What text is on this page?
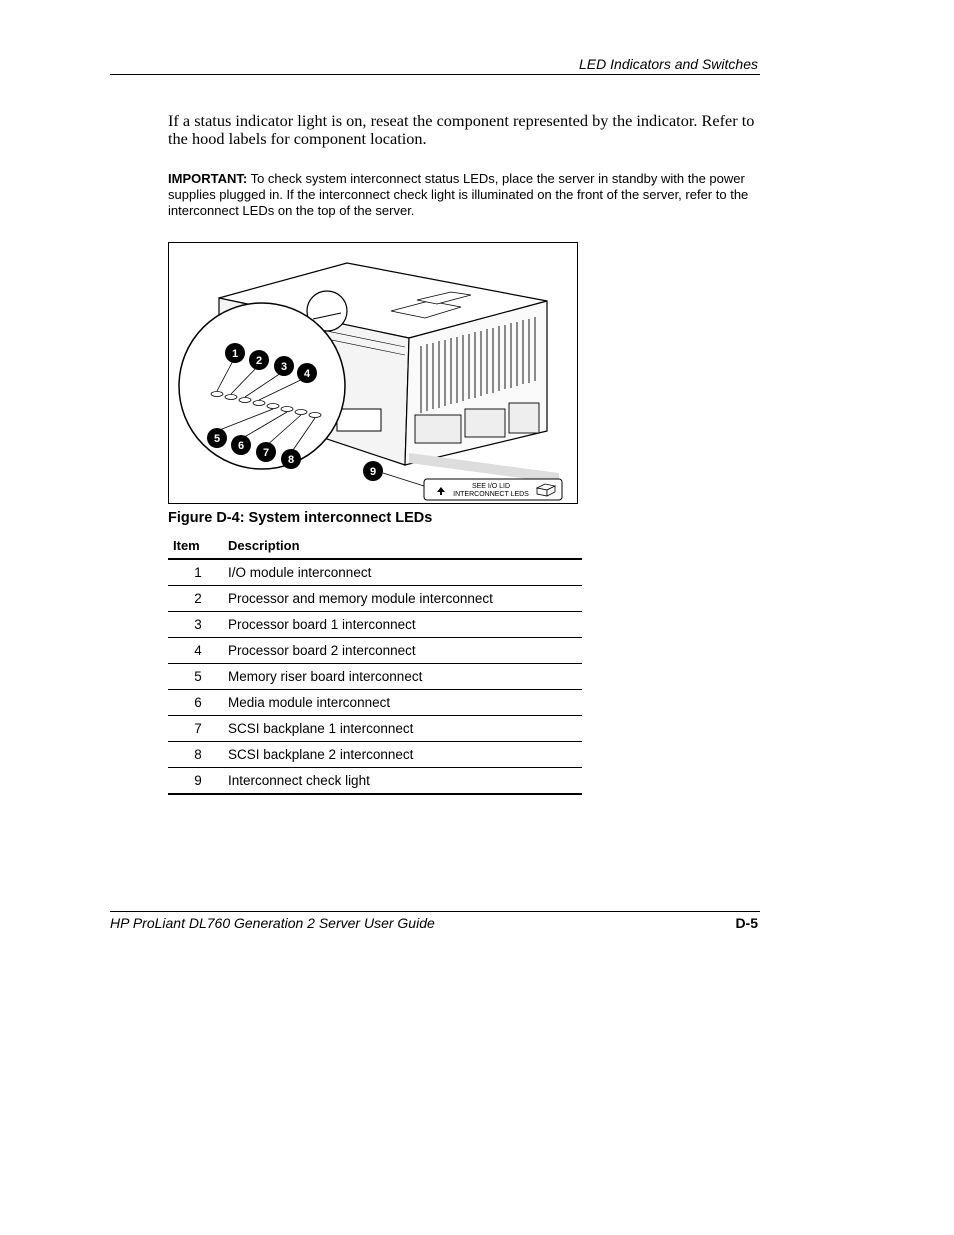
LED Indicators and Switches
If a status indicator light is on, reseat the component represented by the indicator. Refer to the hood labels for component location.
IMPORTANT: To check system interconnect status LEDs, place the server in standby with the power supplies plugged in. If the interconnect check light is illuminated on the front of the server, refer to the interconnect LEDs on the top of the server.
1
2 3
4
5
6
7
8
9
SEE I/O LID
INTERCONNECT LEDS
Figure D-4: System interconnect LEDs
Item	Description
1	I/O module interconnect
2	Processor and memory module interconnect
3	Processor board 1 interconnect
4	Processor board 2 interconnect
5	Memory riser board interconnect
6	Media module interconnect
7	SCSI backplane 1 interconnect
8	SCSI backplane 2 interconnect
9	Interconnect check light
HP ProLiant DL760 Generation 2 Server User Guide	D-5
